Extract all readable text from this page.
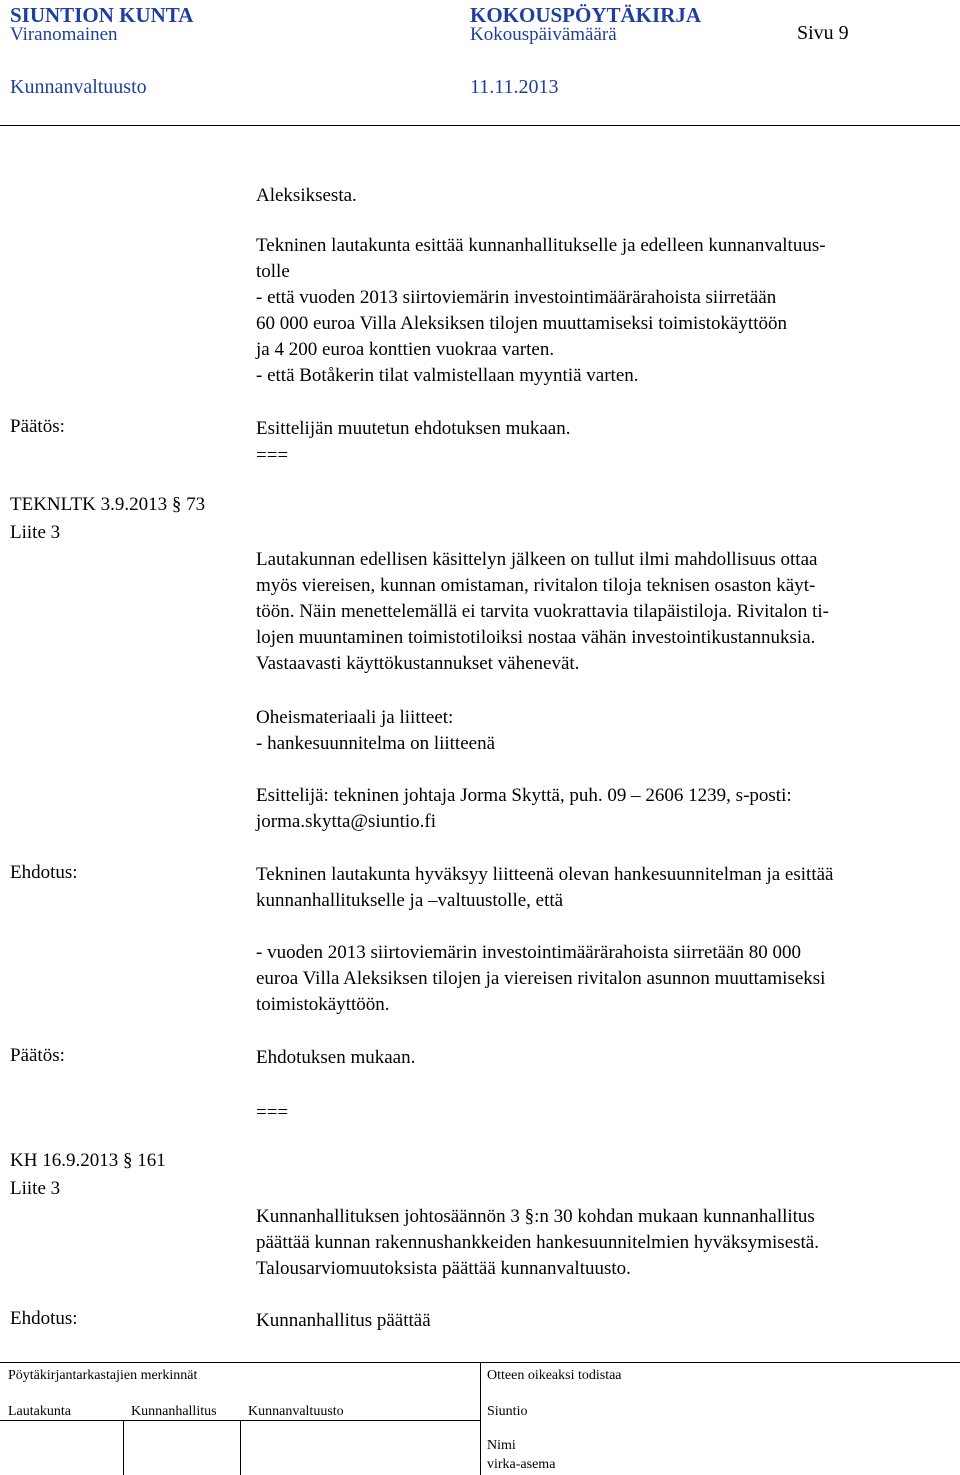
SIUNTION KUNTA	KOKOUSPÖYTÄKIRJA
Viranomainen	Kokouspäivämäärä	Sivu 9
Kunnanvaltuusto	11.11.2013
Aleksiksesta.
Tekninen lautakunta esittää kunnanhallitukselle ja edelleen kunnanvaltuus-
tolle
- että vuoden 2013 siirtoviemärin investointimäärärahoista siirretään
60 000 euroa Villa Aleksiksen tilojen muuttamiseksi toimistokäyttöön
ja 4 200 euroa konttien vuokraa varten.
- että Botåkerin tilat valmistellaan myyntiä varten.
Päätös:	Esittelijän muutetun ehdotuksen mukaan.
===
TEKNLTK 3.9.2013 § 73
Liite 3
Lautakunnan edellisen käsittelyn jälkeen on tullut ilmi mahdollisuus ottaa
myös viereisen, kunnan omistaman, rivitalon tiloja teknisen osaston käyt-
töön. Näin menettelemällä ei tarvita vuokrattavia tilapäistiloja. Rivitalon ti-
lojen muuntaminen toimistotiloiksi nostaa vähän investointikustannuksia.
Vastaavasti käyttökustannukset vähenevät.
Oheismateriaali ja liitteet:
- hankesuunnitelma on liitteenä
Esittelijä: tekninen johtaja Jorma Skyttä, puh. 09 – 2606 1239, s-posti:
jorma.skytta@siuntio.fi
Ehdotus:	Tekninen lautakunta hyväksyy liitteenä olevan hankesuunnitelman ja esittää
kunnanhallitukselle ja –valtuustolle, että
- vuoden 2013 siirtoviemärin investointimäärärahoista siirretään 80 000
euroa Villa Aleksiksen tilojen ja viereisen rivitalon asunnon muuttamiseksi
toimistokäyttöön.
Päätös:	Ehdotuksen mukaan.
===
KH 16.9.2013 § 161
Liite 3
Kunnanhallituksen johtosäännön 3 §:n 30 kohdan mukaan kunnanhallitus
päättää kunnan rakennushankkeiden hankesuunnitelmien hyväksymisestä.
Talousarviomuutoksista päättää kunnanvaltuusto.
Ehdotus:	Kunnanhallitus päättää
Pöytäkirjantarkastajien merkinnät	Otteen oikeaksi todistaa
Lautakunta	Kunnanhallitus Kunnanvaltuusto	Siuntio
Nimi
virka-asema
